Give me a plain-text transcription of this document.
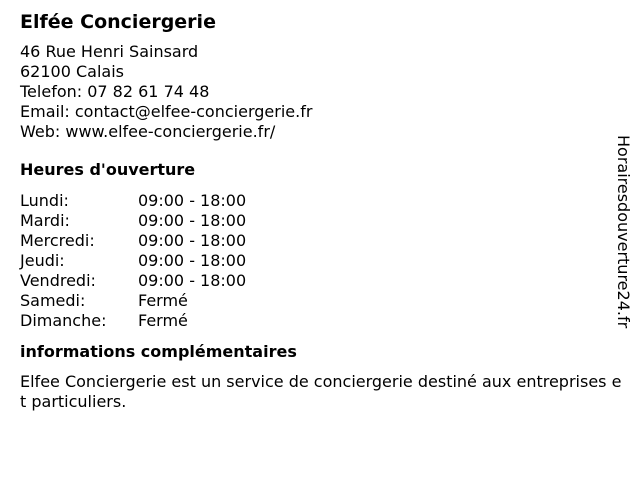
Elfée Conciergerie
46 Rue Henri Sainsard
62100 Calais
Telefon: 07 82 61 74 48
Email: contact@elfee-conciergerie.fr
Web: www.elfee-conciergerie.fr/
Heures d'ouverture
Lundi:	09:00 - 18:00
Mardi:	09:00 - 18:00
Mercredi:	09:00 - 18:00
Jeudi:	09:00 - 18:00
Vendredi:	09:00 - 18:00
Samedi:	Fermé
Dimanche:	Fermé
informations complémentaires
Elfee Conciergerie est un service de conciergerie destiné aux entreprises et particuliers.
Horairesdouverture24.fr
